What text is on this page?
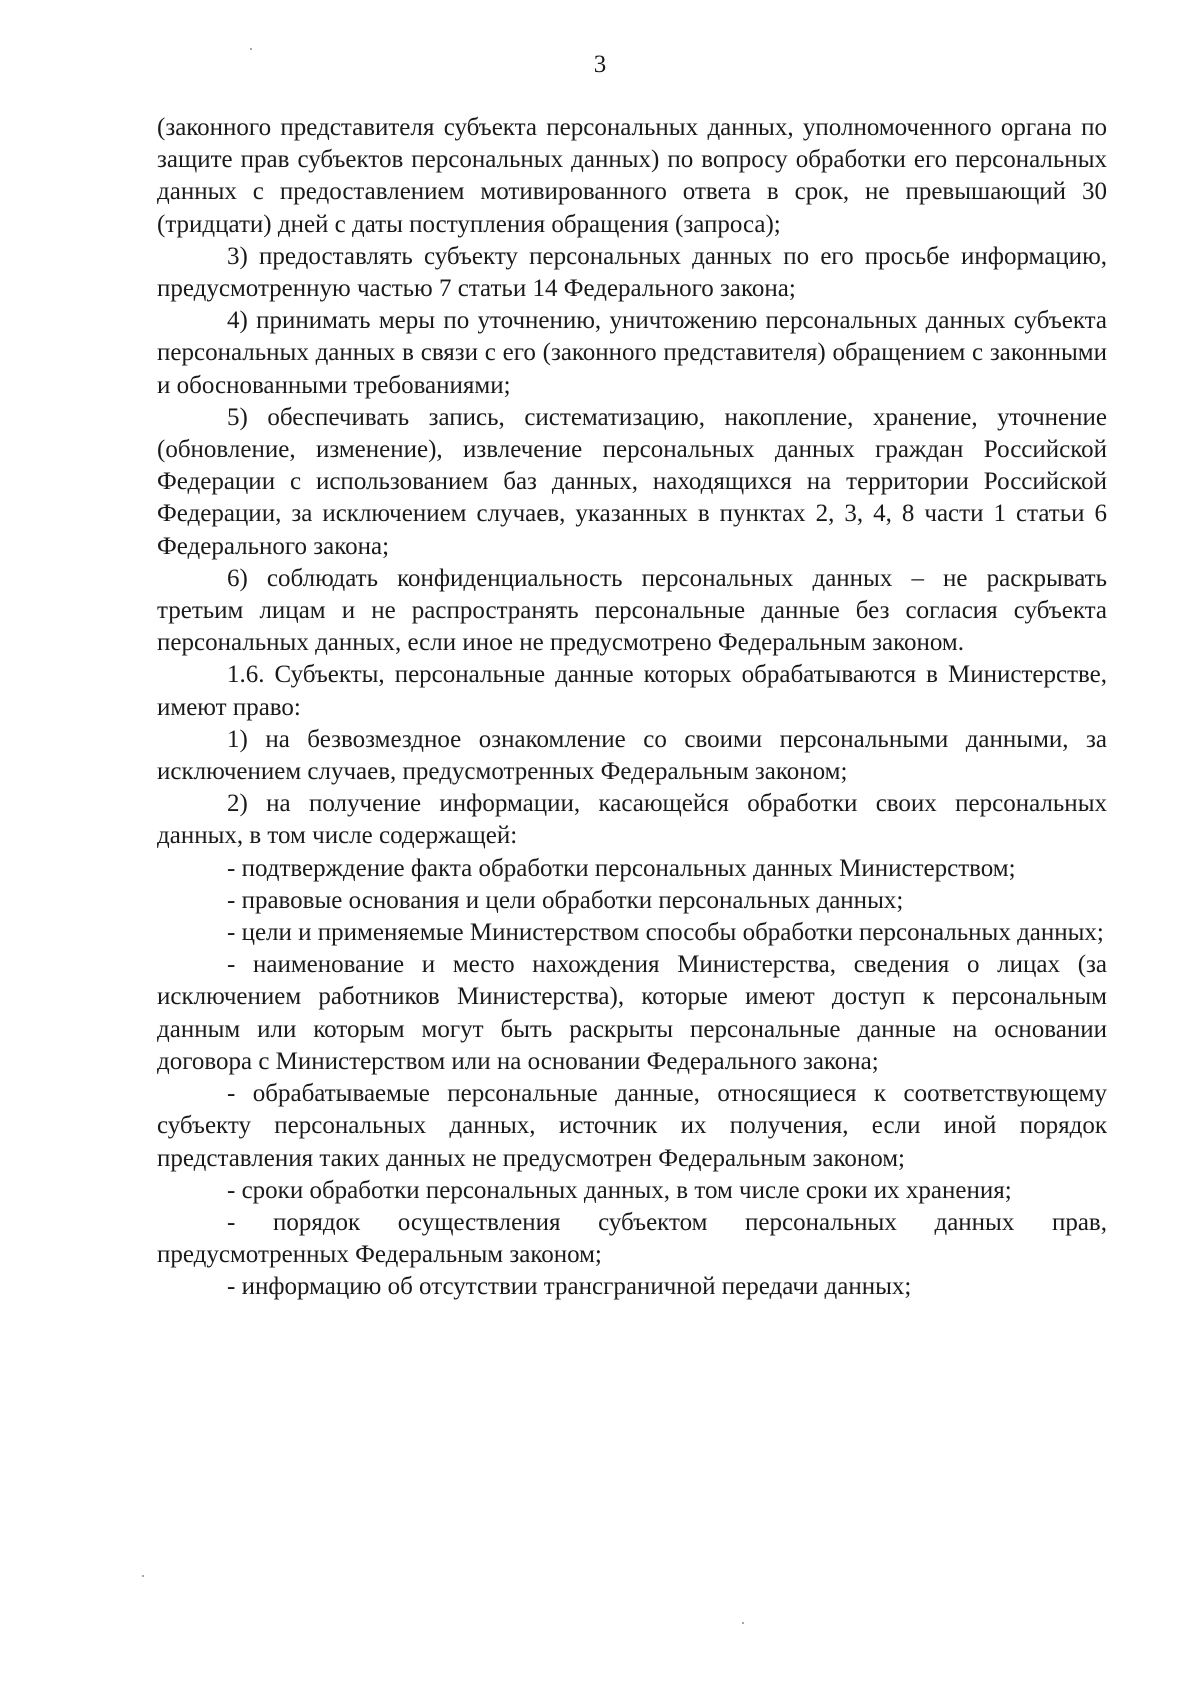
3

(законного представителя субъекта персональных данных, уполномоченного органа по защите прав субъектов персональных данных) по вопросу обработки его персональных данных с предоставлением мотивированного ответа в срок, не превышающий 30 (тридцати) дней с даты поступления обращения (запроса);

3) предоставлять субъекту персональных данных по его просьбе информацию, предусмотренную частью 7 статьи 14 Федерального закона;

4) принимать меры по уточнению, уничтожению персональных данных субъекта персональных данных в связи с его (законного представителя) обращением с законными и обоснованными требованиями;

5) обеспечивать запись, систематизацию, накопление, хранение, уточнение (обновление, изменение), извлечение персональных данных граждан Российской Федерации с использованием баз данных, находящихся на территории Российской Федерации, за исключением случаев, указанных в пунктах 2, 3, 4, 8 части 1 статьи 6 Федерального закона;

6) соблюдать конфиденциальность персональных данных – не раскрывать третьим лицам и не распространять персональные данные без согласия субъекта персональных данных, если иное не предусмотрено Федеральным законом.

1.6. Субъекты, персональные данные которых обрабатываются в Министерстве, имеют право:

1) на безвозмездное ознакомление со своими персональными данными, за исключением случаев, предусмотренных Федеральным законом;

2) на получение информации, касающейся обработки своих персональных данных, в том числе содержащей:

- подтверждение факта обработки персональных данных Министерством;

- правовые основания и цели обработки персональных данных;

- цели и применяемые Министерством способы обработки персональных данных;

- наименование и место нахождения Министерства, сведения о лицах (за исключением работников Министерства), которые имеют доступ к персональным данным или которым могут быть раскрыты персональные данные на основании договора с Министерством или на основании Федерального закона;

- обрабатываемые персональные данные, относящиеся к соответствующему субъекту персональных данных, источник их получения, если иной порядок представления таких данных не предусмотрен Федеральным законом;

- сроки обработки персональных данных, в том числе сроки их хранения;

- порядок осуществления субъектом персональных данных прав, предусмотренных Федеральным законом;

- информацию об отсутствии трансграничной передачи данных;
